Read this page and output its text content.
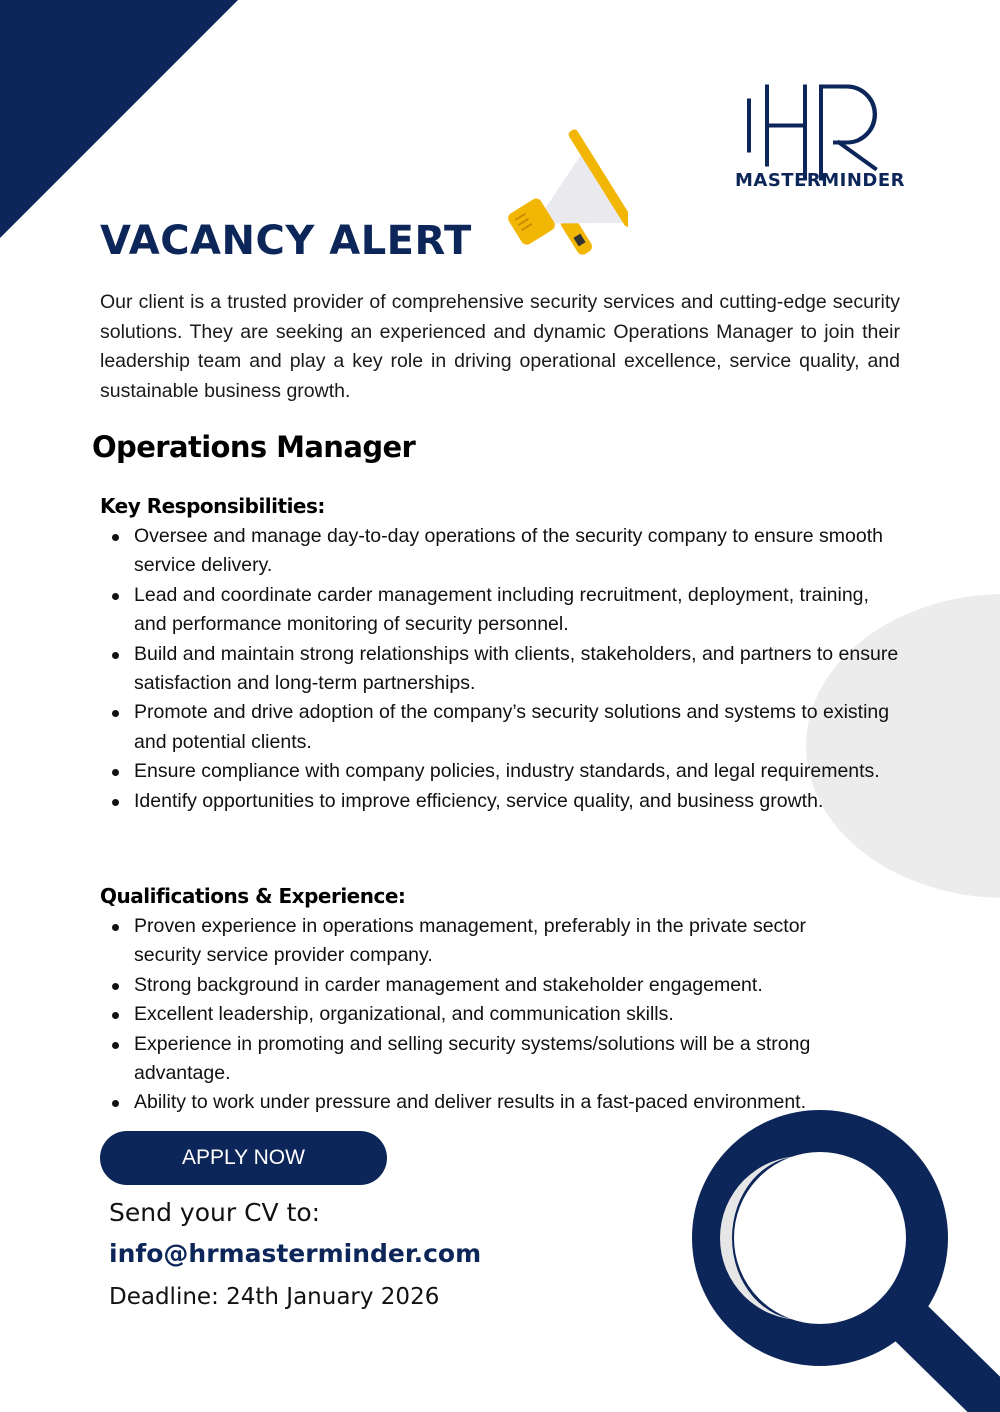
MASTERMINDER
VACANCY ALERT

Our client is a trusted provider of comprehensive security services and cutting-edge security solutions. They are seeking an experienced and dynamic Operations Manager to join their leadership team and play a key role in driving operational excellence, service quality, and sustainable business growth.

Operations Manager
Key Responsibilities:
Oversee and manage day-to-day operations of the security company to ensure smooth service delivery.
Lead and coordinate carder management including recruitment, deployment, training, and performance monitoring of security personnel.
Build and maintain strong relationships with clients, stakeholders, and partners to ensure satisfaction and long-term partnerships.
Promote and drive adoption of the company’s security solutions and systems to existing and potential clients.
Ensure compliance with company policies, industry standards, and legal requirements.
Identify opportunities to improve efficiency, service quality, and business growth.
Qualifications & Experience:
Proven experience in operations management, preferably in the private sector security service provider company.
Strong background in carder management and stakeholder engagement.
Excellent leadership, organizational, and communication skills.
Experience in promoting and selling security systems/solutions will be a strong advantage.
Ability to work under pressure and deliver results in a fast-paced environment.
APPLY NOW
Send your CV to:
info@hrmasterminder.com
Deadline: 24th January 2026
